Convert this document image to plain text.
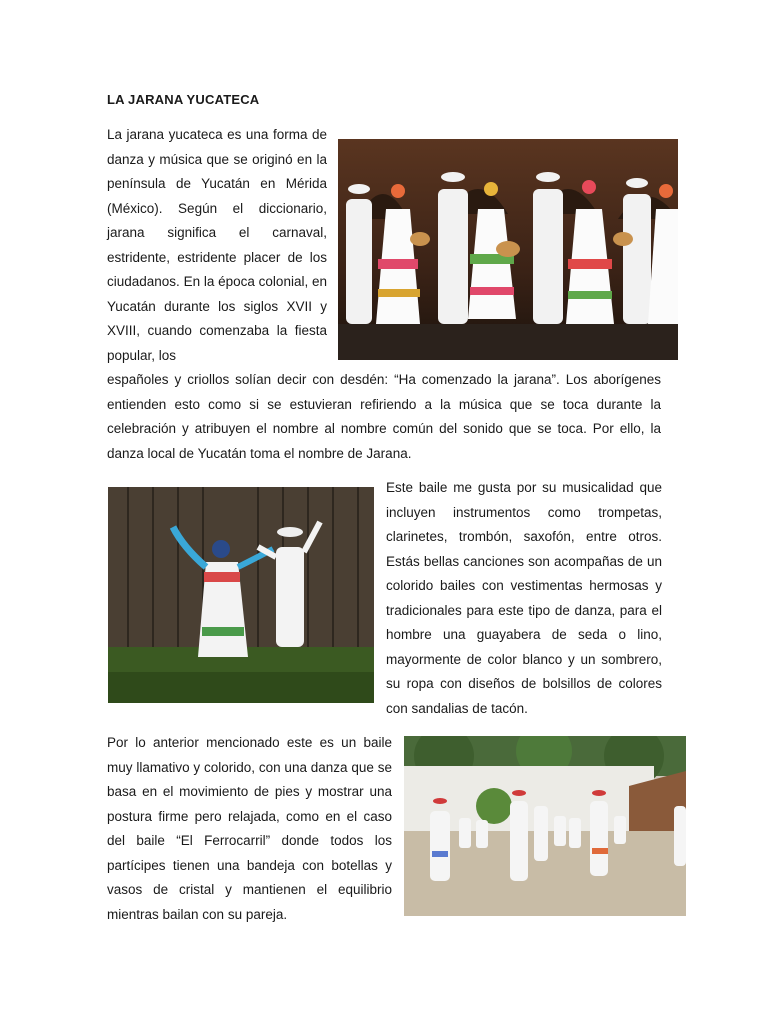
LA JARANA YUCATECA

La jarana yucateca es una forma de danza y música que se originó en la península de Yucatán en Mérida (México). Según el diccionario, jarana significa el carnaval, estridente, estridente placer de los ciudadanos. En la época colonial, en Yucatán durante los siglos XVII y XVIII, cuando comenzaba la fiesta popular, los

españoles y criollos solían decir con desdén: “Ha comenzado la jarana”. Los aborígenes entienden esto como si se estuvieran refiriendo a la música que se toca durante la celebración y atribuyen el nombre al nombre común del sonido que se toca. Por ello, la danza local de Yucatán toma el nombre de Jarana.

Este baile me gusta por su musicalidad que incluyen instrumentos como trompetas, clarinetes, trombón, saxofón, entre otros. Estás bellas canciones son acompañas de un colorido bailes con vestimentas hermosas y tradicionales para este tipo de danza, para el hombre una guayabera de seda o lino, mayormente de color blanco y un sombrero, su ropa con diseños de bolsillos de colores con sandalias de tacón.

Por lo anterior mencionado este es un baile muy llamativo y colorido, con una danza que se basa en el movimiento de pies y mostrar una postura firme pero relajada, como en el caso del baile “El Ferrocarril” donde todos los partícipes tienen una bandeja con botellas y vasos de cristal y mantienen el equilibrio mientras bailan con su pareja.
